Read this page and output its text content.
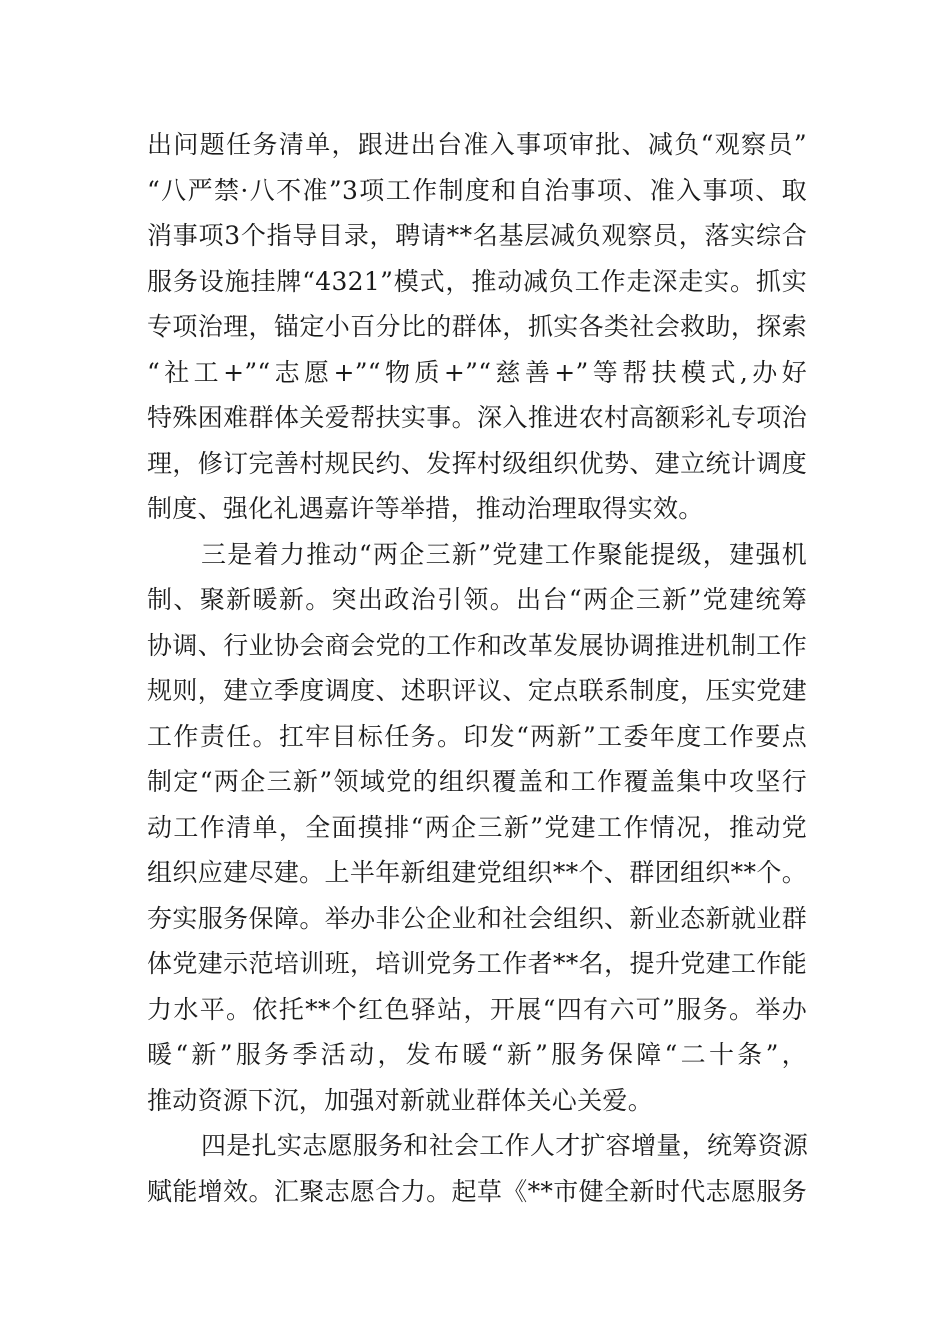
出问题任务清单，跟进出台准入事项审批、减负“观察员”
“八严禁·八不准”3项工作制度和自治事项、准入事项、取
消事项3个指导目录，聘请**名基层减负观察员，落实综合
服务设施挂牌“4321”模式，推动减负工作走深走实。抓实
专项治理，锚定小百分比的群体，抓实各类社会救助，探索
“社工+”“志愿+”“物质+”“慈善+”等帮扶模式,办好
特殊困难群体关爱帮扶实事。深入推进农村高额彩礼专项治
理，修订完善村规民约、发挥村级组织优势、建立统计调度
制度、强化礼遇嘉许等举措，推动治理取得实效。
三是着力推动“两企三新”党建工作聚能提级，建强机
制、聚新暖新。突出政治引领。出台“两企三新”党建统筹
协调、行业协会商会党的工作和改革发展协调推进机制工作
规则，建立季度调度、述职评议、定点联系制度，压实党建
工作责任。扛牢目标任务。印发“两新”工委年度工作要点
制定“两企三新”领域党的组织覆盖和工作覆盖集中攻坚行
动工作清单，全面摸排“两企三新”党建工作情况，推动党
组织应建尽建。上半年新组建党组织**个、群团组织**个。
夯实服务保障。举办非公企业和社会组织、新业态新就业群
体党建示范培训班，培训党务工作者**名，提升党建工作能
力水平。依托**个红色驿站，开展“四有六可”服务。举办
暖“新”服务季活动，发布暖“新”服务保障“二十条”，
推动资源下沉，加强对新就业群体关心关爱。
四是扎实志愿服务和社会工作人才扩容增量，统筹资源
赋能增效。汇聚志愿合力。起草《**市健全新时代志愿服务
